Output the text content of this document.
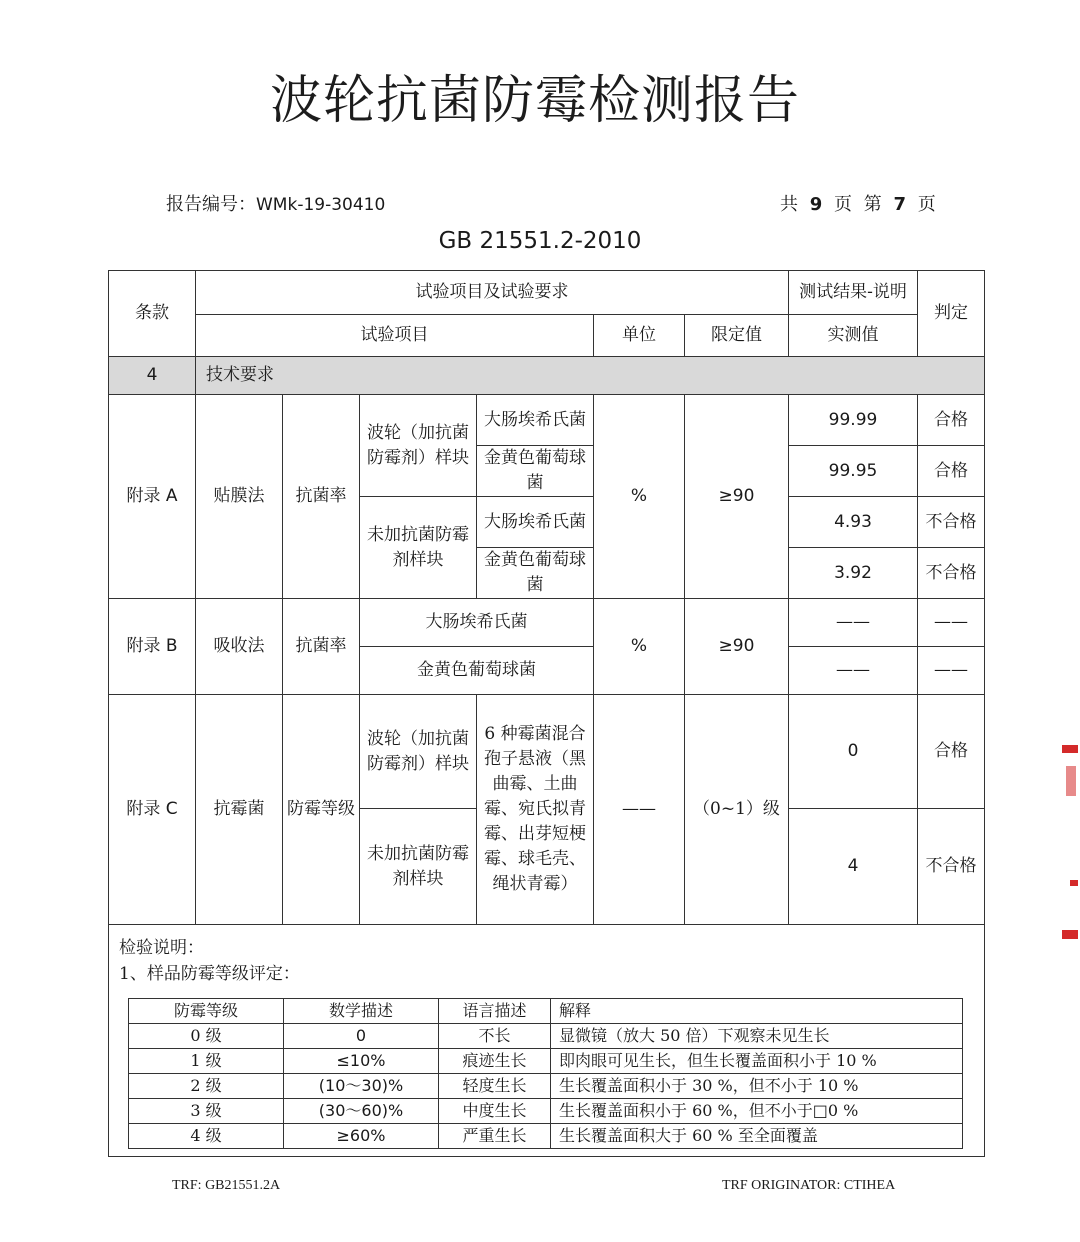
波轮抗菌防霉检测报告
报告编号：WMk-19-30410	共 9 页 第 7 页
GB 21551.2-2010
条款	试验项目及试验要求						测试结果-说明	判定
	试验项目				单位	限定值	实测值	
4	技术要求							
附录 A	贴膜法	抗菌率	波轮（加抗菌防霉剂）样块	大肠埃希氏菌	%	≥90	99.99	合格
				金黄色葡萄球菌			99.95	合格
			未加抗菌防霉剂样块	大肠埃希氏菌			4.93	不合格
				金黄色葡萄球菌			3.92	不合格
附录 B	吸收法	抗菌率	大肠埃希氏菌		%	≥90	——	——
			金黄色葡萄球菌				——	——
附录 C	抗霉菌	防霉等级	波轮（加抗菌防霉剂）样块	6 种霉菌混合孢子悬液（黑曲霉、土曲霉、宛氏拟青霉、出芽短梗霉、球毛壳、绳状青霉）	——	（0~1）级	0	合格
			未加抗菌防霉剂样块				4	不合格
检验说明：
1、样品防霉等级评定：
防霉等级	数学描述	语言描述	解释
0 级	0	不长	显微镜（放大 50 倍）下观察未见生长
1 级	≤10%	痕迹生长	即肉眼可见生长，但生长覆盖面积小于 10 %
2 级	(10～30)%	轻度生长	生长覆盖面积小于 30 %，但不小于 10 %
3 级	(30～60)%	中度生长	生长覆盖面积小于 60 %，但不小于□0 %
4 级	≥60%	严重生长	生长覆盖面积大于 60 % 至全面覆盖
TRF: GB21551.2A	TRF ORIGINATOR: CTIHEA
